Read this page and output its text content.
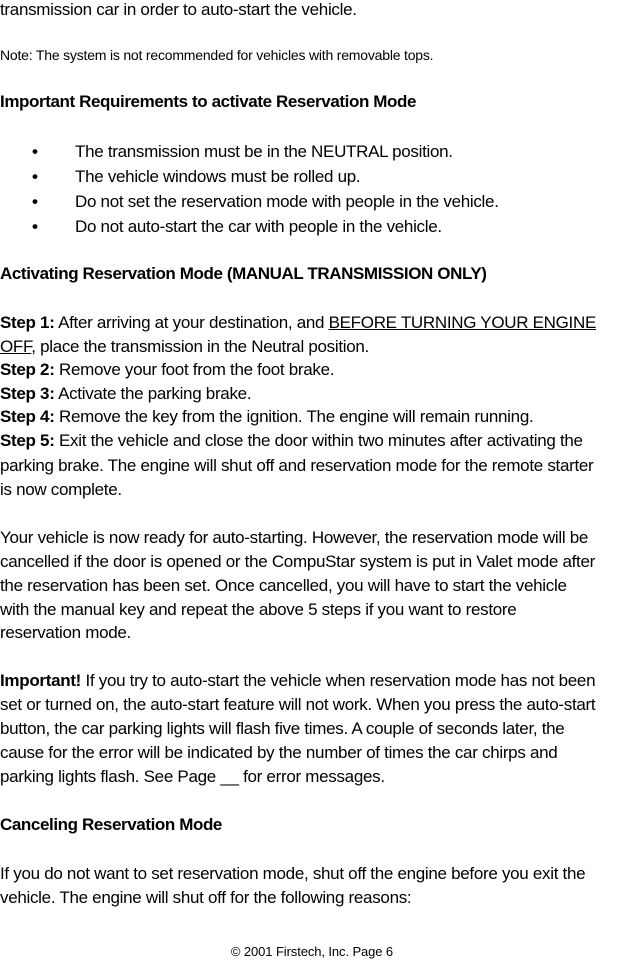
transmission car in order to auto-start the vehicle.
Note: The system is not recommended for vehicles with removable tops.
Important Requirements to activate Reservation Mode
• The transmission must be in the NEUTRAL position.
• The vehicle windows must be rolled up.
• Do not set the reservation mode with people in the vehicle.
• Do not auto-start the car with people in the vehicle.
Activating Reservation Mode (MANUAL TRANSMISSION ONLY)
Step 1: After arriving at your destination, and BEFORE TURNING YOUR ENGINE
OFF, place the transmission in the Neutral position.
Step 2: Remove your foot from the foot brake.
Step 3: Activate the parking brake.
Step 4: Remove the key from the ignition. The engine will remain running.
Step 5: Exit the vehicle and close the door within two minutes after activating the
parking brake. The engine will shut off and reservation mode for the remote starter
is now complete.
Your vehicle is now ready for auto-starting. However, the reservation mode will be
cancelled if the door is opened or the CompuStar system is put in Valet mode after
the reservation has been set. Once cancelled, you will have to start the vehicle
with the manual key and repeat the above 5 steps if you want to restore
reservation mode.
Important! If you try to auto-start the vehicle when reservation mode has not been
set or turned on, the auto-start feature will not work. When you press the auto-start
button, the car parking lights will flash five times. A couple of seconds later, the
cause for the error will be indicated by the number of times the car chirps and
parking lights flash. See Page __ for error messages.
Canceling Reservation Mode
If you do not want to set reservation mode, shut off the engine before you exit the
vehicle. The engine will shut off for the following reasons:
© 2001 Firstech, Inc. Page 6
